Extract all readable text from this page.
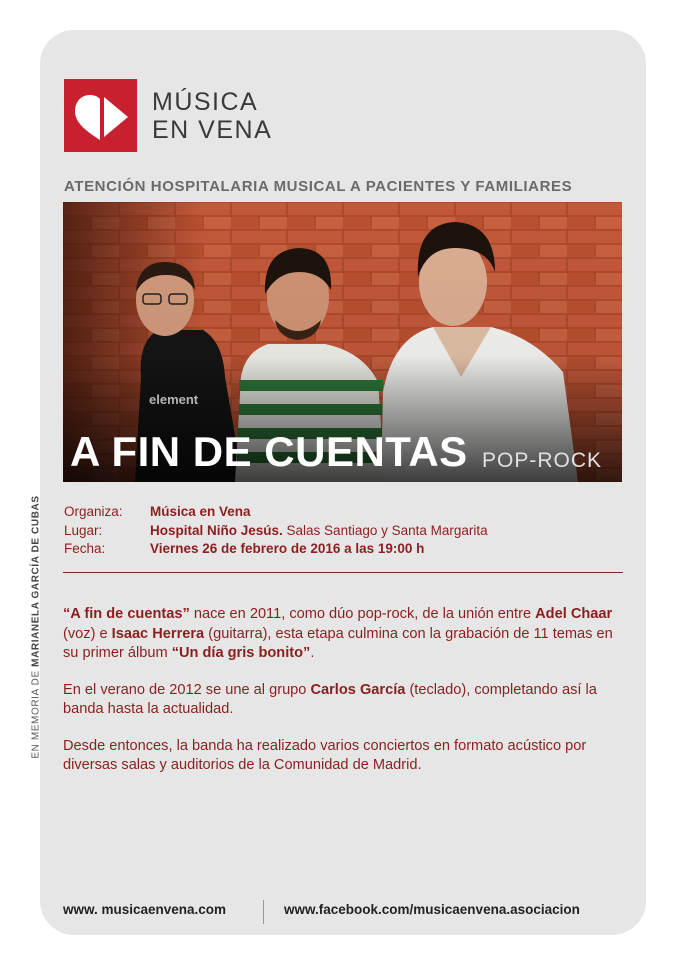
EN MEMORIA DE MARIANELA GARCÍA DE CUBAS
MÚSICA
EN VENA
ATENCIÓN HOSPITALARIA MUSICAL A PACIENTES Y FAMILIARES
A FIN DE CUENTAS POP-ROCK
Organiza:	Música en Vena
Lugar:	Hospital Niño Jesús. Salas Santiago y Santa Margarita
Fecha:	Viernes 26 de febrero de 2016 a las 19:00 h

“A fin de cuentas” nace en 2011, como dúo pop-rock, de la unión entre Adel Chaar (voz) e Isaac Herrera (guitarra), esta etapa culmina con la grabación de 11 temas en su primer álbum “Un día gris bonito”.

En el verano de 2012 se une al grupo Carlos García (teclado), completando así la banda hasta la actualidad.

Desde entonces, la banda ha realizado varios conciertos en formato acústico por diversas salas y auditorios de la Comunidad de Madrid.

www. musicaenvena.com	www.facebook.com/musicaenvena.asociacion
